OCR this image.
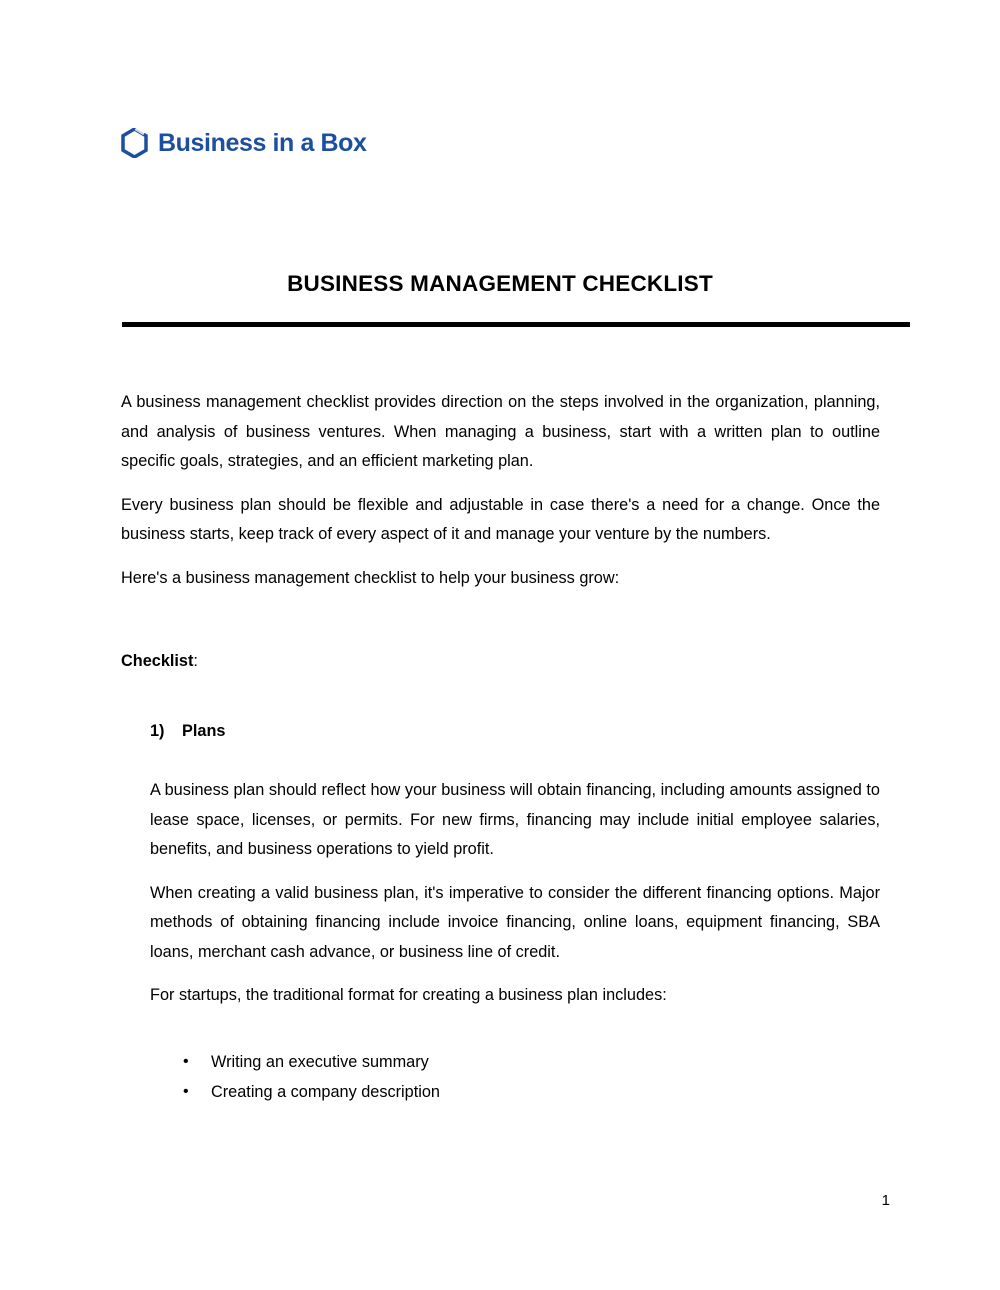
Business in a Box
BUSINESS MANAGEMENT CHECKLIST

A business management checklist provides direction on the steps involved in the organization, planning, and analysis of business ventures. When managing a business, start with a written plan to outline specific goals, strategies, and an efficient marketing plan.

Every business plan should be flexible and adjustable in case there's a need for a change. Once the business starts, keep track of every aspect of it and manage your venture by the numbers.

Here's a business management checklist to help your business grow:

Checklist:

1)	Plans

A business plan should reflect how your business will obtain financing, including amounts assigned to lease space, licenses, or permits. For new firms, financing may include initial employee salaries, benefits, and business operations to yield profit.

When creating a valid business plan, it's imperative to consider the different financing options. Major methods of obtaining financing include invoice financing, online loans, equipment financing, SBA loans, merchant cash advance, or business line of credit.

For startups, the traditional format for creating a business plan includes:

• Writing an executive summary
• Creating a company description
1
